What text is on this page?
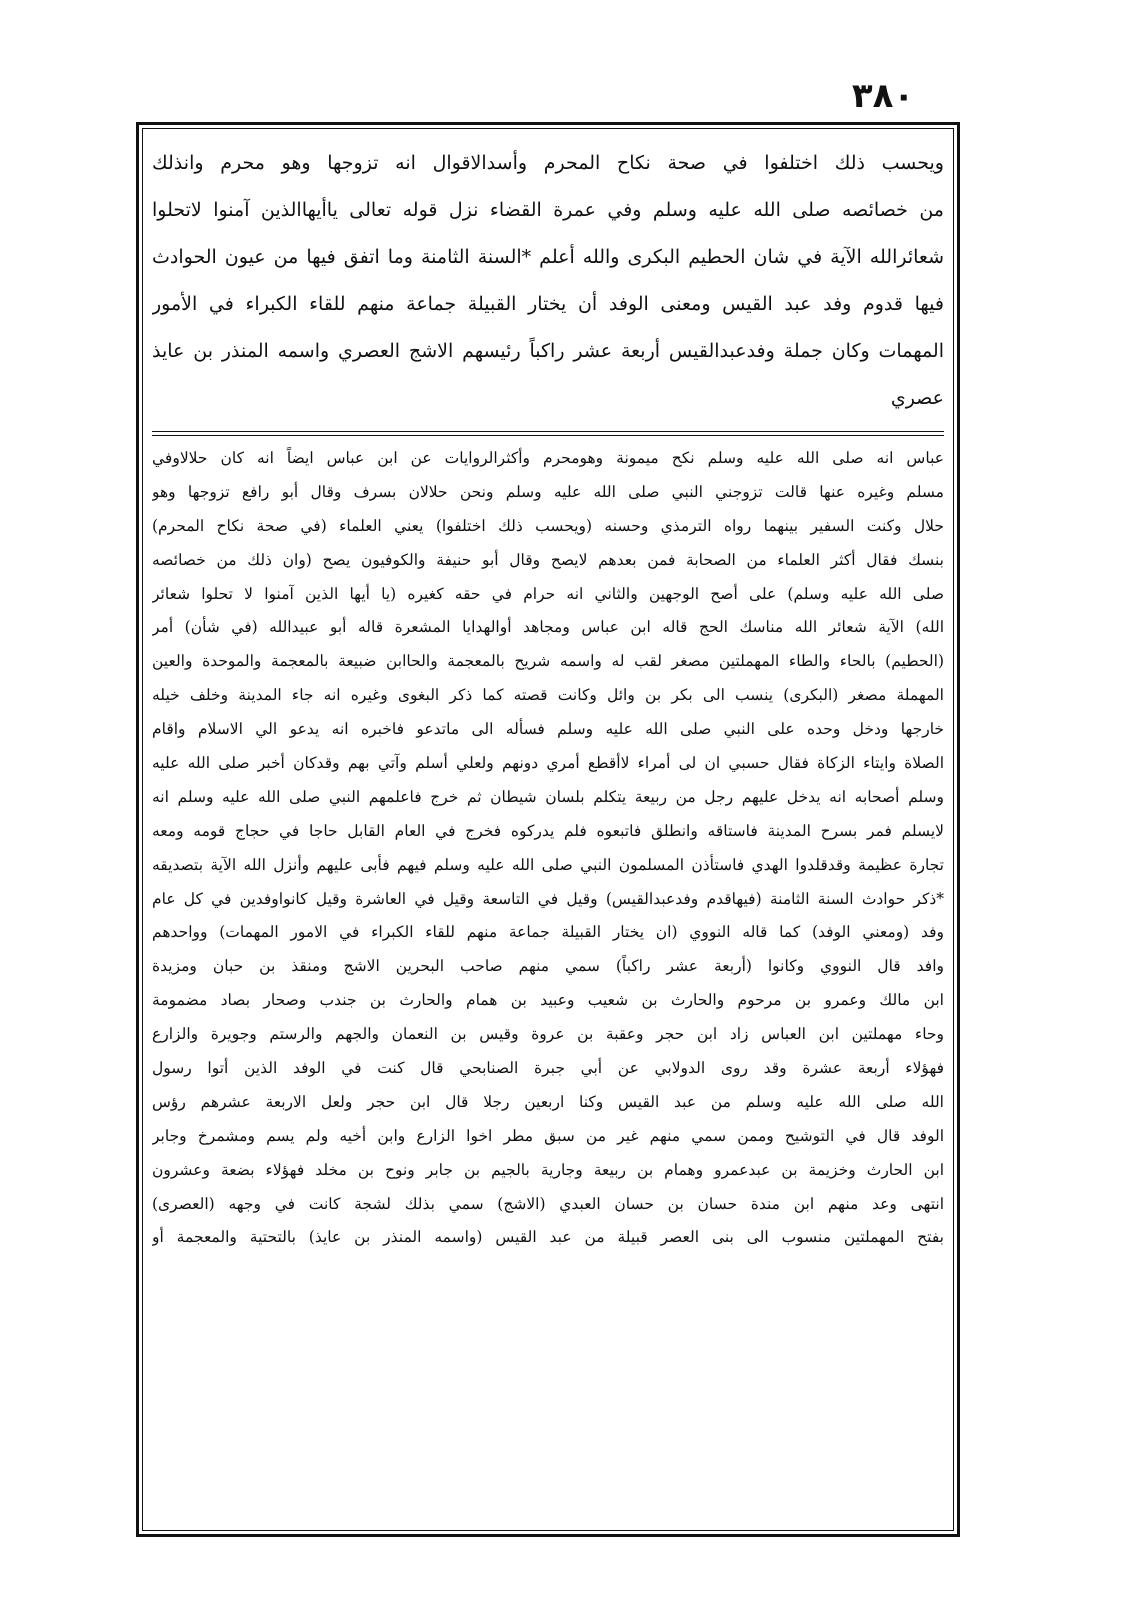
٣٨٠
ويحسب ذلك اختلفوا في صحة نكاح المحرم وأسدالاقوال انه تزوجها وهو محرم وانذلك
من خصائصه صلى الله عليه وسلم وفي عمرة القضاء نزل قوله تعالى ياأيهاالذين آمنوا لاتحلوا
شعائرالله الآية في شان الحطيم البكرى والله أعلم *السنة الثامنة وما اتفق فيها من عيون الحوادث
فيها قدوم وفد عبد القيس ومعنى الوفد أن يختار القبيلة جماعة منهم للقاء الكبراء في الأمور
المهمات وكان جملة وفدعبدالقيس أربعة عشر راكباً رئيسهم الاشج العصري واسمه المنذر بن عايذ
عصري
عباس انه صلى الله عليه وسلم نكح ميمونة وهومحرم وأكثرالروايات عن ابن عباس ايضاً انه كان حلالاوفي
مسلم وغيره عنها قالت تزوجني النبي صلى الله عليه وسلم ونحن حلالان بسرف وقال أبو رافع تزوجها وهو
حلال وكنت السفير بينهما رواه الترمذي وحسنه (ويحسب ذلك اختلفوا) يعني العلماء (في صحة نكاح المحرم)
بنسك فقال أكثر العلماء من الصحابة فمن بعدهم لايصح وقال أبو حنيفة والكوفيون يصح (وان ذلك من خصائصه
صلى الله عليه وسلم) على أصح الوجهين والثاني انه حرام في حقه كغيره (يا أيها الذين آمنوا لا تحلوا شعائر
الله) الآية شعائر الله مناسك الحج قاله ابن عباس ومجاهد أوالهدايا المشعرة قاله أبو عبيدالله (في شأن) أمر
(الحطيم) بالحاء والطاء المهملتين مصغر لقب له واسمه شريح بالمعجمة والحاابن ضبيعة بالمعجمة والموحدة والعين
المهملة مصغر (البكرى) ينسب الى بكر بن وائل وكانت قصته كما ذكر البغوى وغيره انه جاء المدينة وخلف خيله
خارجها ودخل وحده على النبي صلى الله عليه وسلم فسأله الى ماتدعو فاخبره انه يدعو الي الاسلام واقام
الصلاة وايتاء الزكاة فقال حسبي ان لى أمراء لاأقطع أمري دونهم ولعلي أسلم وآتي بهم وقدكان أخبر صلى الله عليه
وسلم أصحابه انه يدخل عليهم رجل من ربيعة يتكلم بلسان شيطان ثم خرج فاعلمهم النبي صلى الله عليه وسلم انه
لايسلم فمر بسرح المدينة فاستاقه وانطلق فاتبعوه فلم يدركوه فخرج في العام القابل حاجا في حجاج قومه ومعه
تجارة عظيمة وقدقلدوا الهدي فاستأذن المسلمون النبي صلى الله عليه وسلم فيهم فأبى عليهم وأنزل الله الآية بتصديقه
*ذكر حوادث السنة الثامنة (فيهاقدم وفدعبدالقيس) وقيل في التاسعة وقيل في العاشرة وقيل كانواوفدين في كل عام
وفد (ومعني الوفد) كما قاله النووي (ان يختار القبيلة جماعة منهم للقاء الكبراء في الامور المهمات) وواحدهم
وافد قال النووي وكانوا (أربعة عشر راكباً) سمي منهم صاحب البحرين الاشج ومنقذ بن حبان ومزيدة
ابن مالك وعمرو بن مرحوم والحارث بن شعيب وعبيد بن همام والحارث بن جندب وصحار بصاد مضمومة
وحاء مهملتين ابن العباس زاد ابن حجر وعقبة بن عروة وقيس بن النعمان والجهم والرستم وجويرة والزارع
فهؤلاء أربعة عشرة وقد روى الدولابي عن أبي جبرة الصنابحي قال كنت في الوفد الذين أتوا رسول
الله صلى الله عليه وسلم من عبد القيس وكنا اربعين رجلا قال ابن حجر ولعل الاربعة عشرهم رؤس
الوفد قال في التوشيح وممن سمي منهم غير من سبق مطر اخوا الزارع وابن أخيه ولم يسم ومشمرخ وجابر
ابن الحارث وخزيمة بن عبدعمرو وهمام بن ربيعة وجارية بالجيم بن جابر ونوح بن مخلد فهؤلاء بضعة وعشرون
انتهى وعد منهم ابن مندة حسان بن حسان العبدي (الاشج) سمي بذلك لشجة كانت في وجهه (العصرى)
بفتح المهملتين منسوب الى بنى العصر قبيلة من عبد القيس (واسمه المنذر بن عايذ) بالتحتية والمعجمة أو
